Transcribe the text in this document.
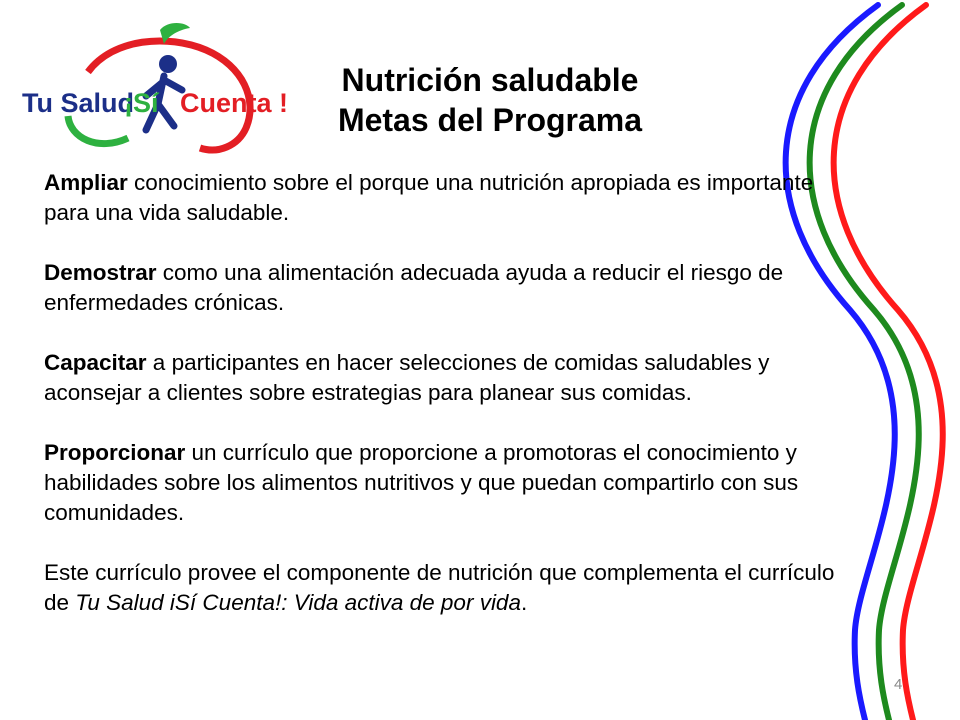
Tu Salud
¡Sí Cuenta !
Nutrición saludable
Metas del Programa

Ampliar conocimiento sobre el porque una nutrición apropiada es importante para una vida saludable.

Demostrar como una alimentación adecuada ayuda a reducir el riesgo de enfermedades crónicas.

Capacitar a participantes en hacer selecciones de comidas saludables y aconsejar a clientes sobre estrategias para planear sus comidas.

Proporcionar un currículo que proporcione a promotoras el conocimiento y habilidades sobre los alimentos nutritivos y que puedan compartirlo con sus comunidades.

Este currículo provee el componente de nutrición que complementa el currículo de Tu Salud iSí Cuenta!: Vida activa de por vida.

4
